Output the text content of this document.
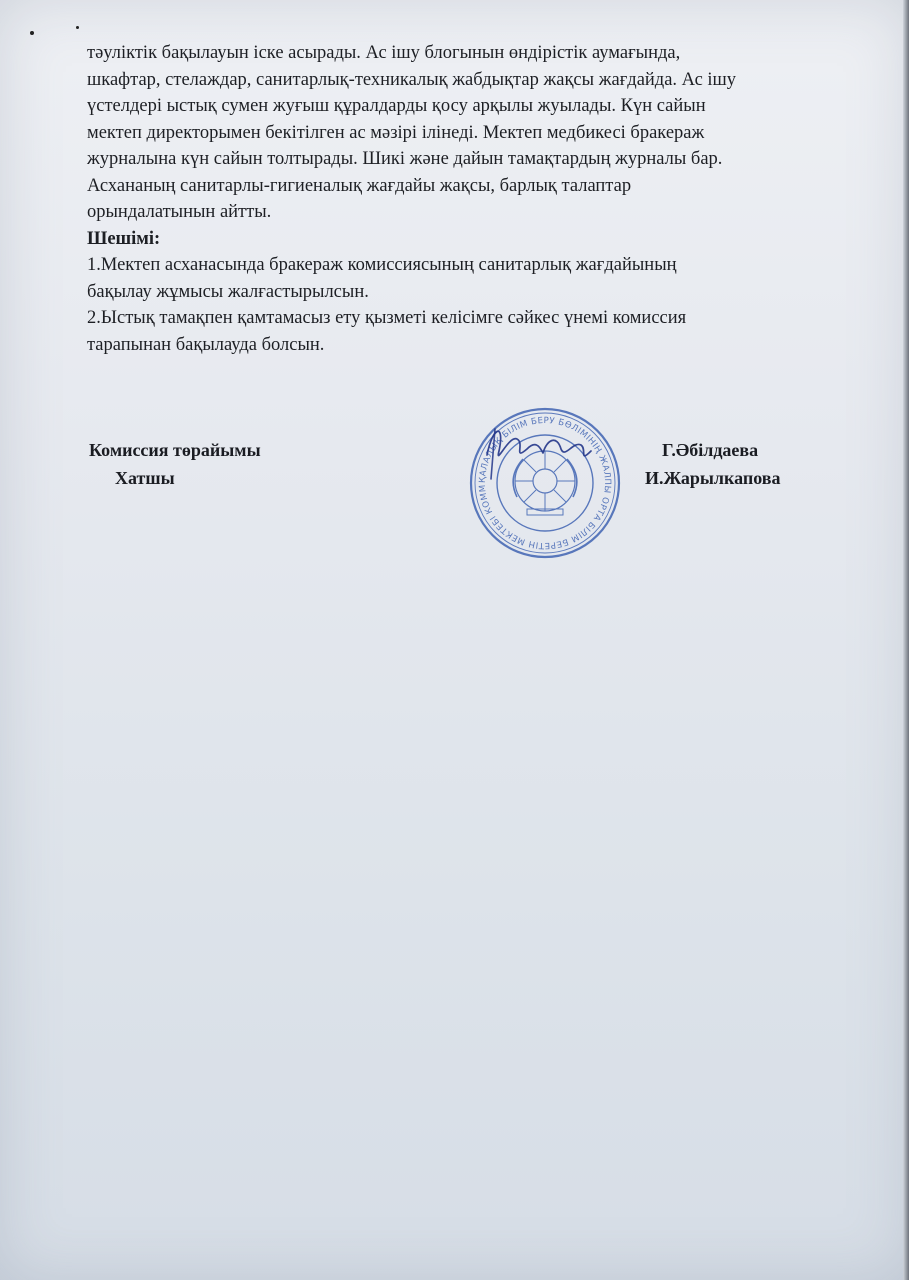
тәуліктік бақылауын іске асырады. Ас ішу блогынын өндірістік аумағында,
шкафтар, стелаждар, санитарлық-техникалық жабдықтар жақсы жағдайда. Ас ішу
үстелдері ыстық сумен жуғыш құралдарды қосу арқылы жуылады. Күн сайын
мектеп директорымен бекітілген ас мәзірі ілінеді. Мектеп медбикесі бракераж
журналына күн сайын толтырады. Шикі және дайын тамақтардың журналы бар.
Асхананың санитарлы-гигиеналық жағдайы жақсы, барлық талаптар
орындалатынын айтты.
Шешімі:
1.Мектеп асханасында бракераж комиссиясының санитарлық жағдайының
бақылау жұмысы жалғастырылсын.
2.Ыстық тамақпен қамтамасыз ету қызметі келісімге сәйкес үнемі комиссия
тарапынан бақылауда болсын.
Комиссия төрайымы	Г.Әбілдаева
Хатшы	И.Жарылкапова
ҚАЛАЛЫҚ БІЛІМ БЕРУ БӨЛІМІНІҢ ЖАЛПЫ ОРТА БІЛІМ БЕРЕТІН МЕКТЕБІ КОММ
